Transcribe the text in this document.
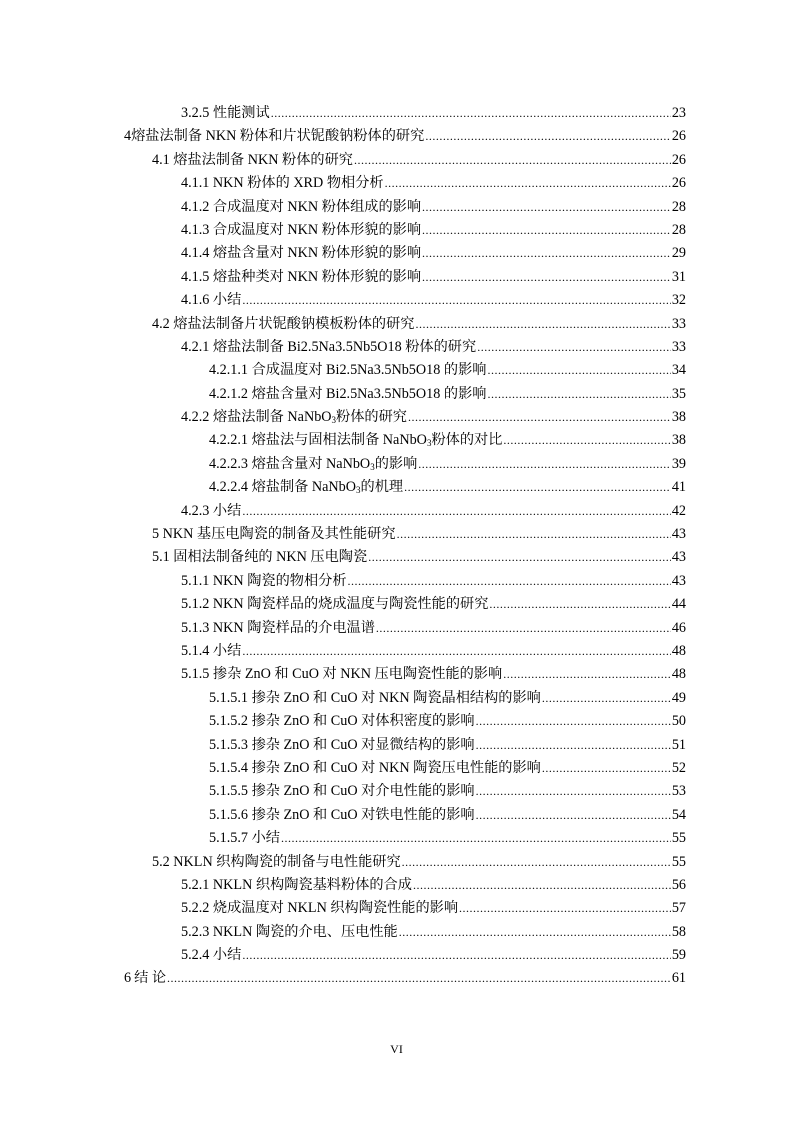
3.2.5 性能测试 .....	23
4 熔盐法制备 NKN 粉体和片状铌酸钠粉体的研究 .....	26
4.1 熔盐法制备 NKN 粉体的研究 .....	26
4.1.1 NKN 粉体的 XRD 物相分析 .....	26
4.1.2 合成温度对 NKN 粉体组成的影响 .....	28
4.1.3 合成温度对 NKN 粉体形貌的影响 .....	28
4.1.4 熔盐含量对 NKN 粉体形貌的影响 .....	29
4.1.5 熔盐种类对 NKN 粉体形貌的影响 .....	31
4.1.6 小结 .....	32
4.2 熔盐法制备片状铌酸钠模板粉体的研究 .....	33
4.2.1 熔盐法制备 Bi2.5Na3.5Nb5O18 粉体的研究 .....	33
4.2.1.1 合成温度对 Bi2.5Na3.5Nb5O18 的影响 .....	34
4.2.1.2 熔盐含量对 Bi2.5Na3.5Nb5O18 的影响 .....	35
4.2.2 熔盐法制备 NaNbO$_3$粉体的研究 .....	38
4.2.2.1 熔盐法与固相法制备 NaNbO$_3$粉体的对比 .....	38
4.2.2.3 熔盐含量对 NaNbO$_3$的影响 .....	39
4.2.2.4 熔盐制备 NaNbO$_3$的机理 .....	41
4.2.3 小结 .....	42
5 NKN 基压电陶瓷的制备及其性能研究 .....	43
5.1 固相法制备纯的 NKN 压电陶瓷 .....	43
5.1.1 NKN 陶瓷的物相分析 .....	43
5.1.2 NKN 陶瓷样品的烧成温度与陶瓷性能的研究 .....	44
5.1.3 NKN 陶瓷样品的介电温谱 .....	46
5.1.4 小结 .....	48
5.1.5 掺杂 ZnO 和 CuO 对 NKN 压电陶瓷性能的影响 .....	48
5.1.5.1 掺杂 ZnO 和 CuO 对 NKN 陶瓷晶相结构的影响 .....	49
5.1.5.2 掺杂 ZnO 和 CuO 对体积密度的影响 .....	50
5.1.5.3 掺杂 ZnO 和 CuO 对显微结构的影响 .....	51
5.1.5.4 掺杂 ZnO 和 CuO 对 NKN 陶瓷压电性能的影响 .....	52
5.1.5.5 掺杂 ZnO 和 CuO 对介电性能的影响 .....	53
5.1.5.6 掺杂 ZnO 和 CuO 对铁电性能的影响 .....	54
5.1.5.7 小结 .....	55
5.2 NKLN 织构陶瓷的制备与电性能研究 .....	55
5.2.1 NKLN 织构陶瓷基料粉体的合成 .....	56
5.2.2 烧成温度对 NKLN 织构陶瓷性能的影响 .....	57
5.2.3 NKLN 陶瓷的介电、压电性能 .....	58
5.2.4 小结 .....	59
6 结 论 .....	61
VI
